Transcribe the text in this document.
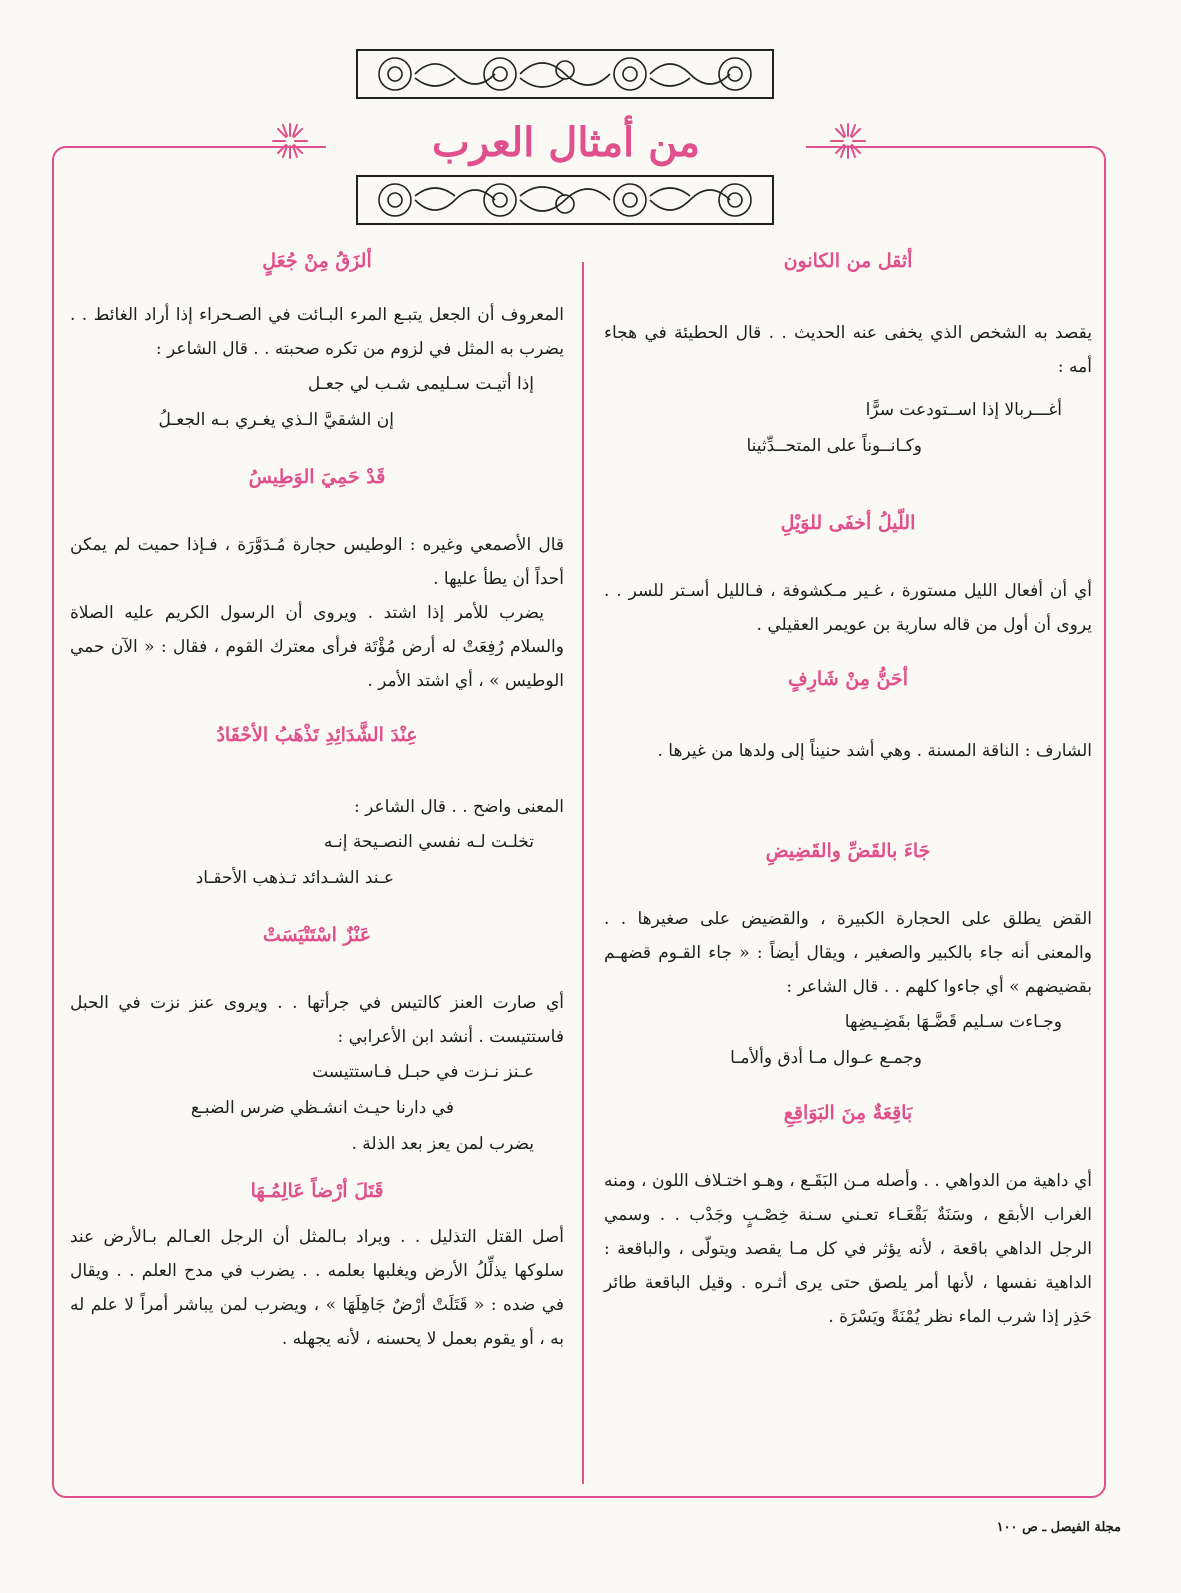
من أمثال العرب
أثقل من الكانون

يقصد به الشخص الذي يخفى عنه الحديث . . قال الحطيئة في هجاء أمه :

أغـــربالا إذا اســتودعت سرًّا

وكـانــوناً على المتحــدِّثينا

اللّيلُ أخفَى للوَيْلِ

أي أن أفعال الليل مستورة ، غـير مـكشوفة ، فـالليل أسـتر للسر . . يروى أن أول من قاله سارية بن عويمر العقيلي .

أحَنُّ مِنْ شَارِفٍ

الشارف : الناقة المسنة . وهي أشد حنيناً إلى ولدها من غيرها .

جَاءَ بالقَضِّ والقَضِيضِ

القض يطلق على الحجارة الكبيرة ، والقضيض على صغيرها . . والمعنى أنه جاء بالكبير والصغير ، ويقال أيضاً : « جاء القـوم قضهـم بقضيضهم » أي جاءوا كلهم . . قال الشاعر :

وجـاءت سـليم قَضَّـهَا بقَضِـيضِها

وجمـع عـوال مـا أدق وألأمـا

بَاقِعَةٌ مِنَ البَوَاقِعِ

أي داهية من الدواهي . . وأصله مـن البَقَـع ، وهـو اختـلاف اللون ، ومنه الغراب الأبقع ، وسَنَةٌ بَقْعَـاء تعـني سـنة خِصْـبٍ وجَدْب . . وسمي الرجل الداهي باقعة ، لأنه يؤثر في كل مـا يقصد ويتولّى ، والباقعة : الداهية نفسها ، لأنها أمر يلصق حتى يرى أثـره . وقيل الباقعة طائر حَذِر إذا شرب الماء نظر يُمْنَةً ويَسْرَة .

ألزَقُ مِنْ جُعَلٍ

المعروف أن الجعل يتبـع المرء البـائت في الصـحراء إذا أراد الغائط . . يضرب به المثل في لزوم من تكره صحبته . . قال الشاعر :

إذا أتيـت سـليمى شـب لي جعـل

إن الشقيَّ الـذي يغـري بـه الجعـلُ

قَدْ حَمِيَ الوَطِيسُ

قال الأصمعي وغيره : الوطيس حجارة مُـدَوَّرَة ، فـإذا حميت لم يمكن أحداً أن يطأ عليها .

يضرب للأمر إذا اشتد . ويروى أن الرسول الكريم عليه الصلاة والسلام رُفِعَتْ له أرض مُؤْتَة فرأى معترك القوم ، فقال : « الآن حمي الوطيس » ، أي اشتد الأمر .

عِنْدَ الشَّدَائِدِ تَذْهَبُ الأحْقَادُ

المعنى واضح . . قال الشاعر :

تخلـت لـه نفسي النصـيحة إنـه

عـند الشـدائد تـذهب الأحقـاد

عَنْزٌ اسْتَتْيَسَتْ

أي صارت العنز كالتيس في جرأتها . . ويروى عنز نزت في الحبل فاستتيست . أنشد ابن الأعرابي :

عـنز نـزت في حبـل فـاستتيست

في دارنا حيـث انشـظي ضرس الضبـع

يضرب لمن يعز بعد الذلة .

قَتَلَ أرْضاً عَالِمُـهَا

أصل القتل التذليل . . ويراد بـالمثل أن الرجل العـالم بـالأرض عند سلوكها يذلِّلُ الأرض ويغلبها بعلمه . . يضرب في مدح العلم . . ويقال في ضده : « قَتَلَتْ أرْضٌ جَاهِلَهَا » ، ويضرب لمن يباشر أمراً لا علم له به ، أو يقوم بعمل لا يحسنه ، لأنه يجهله .

مجلة الفيصل ـ ص ١٠٠
